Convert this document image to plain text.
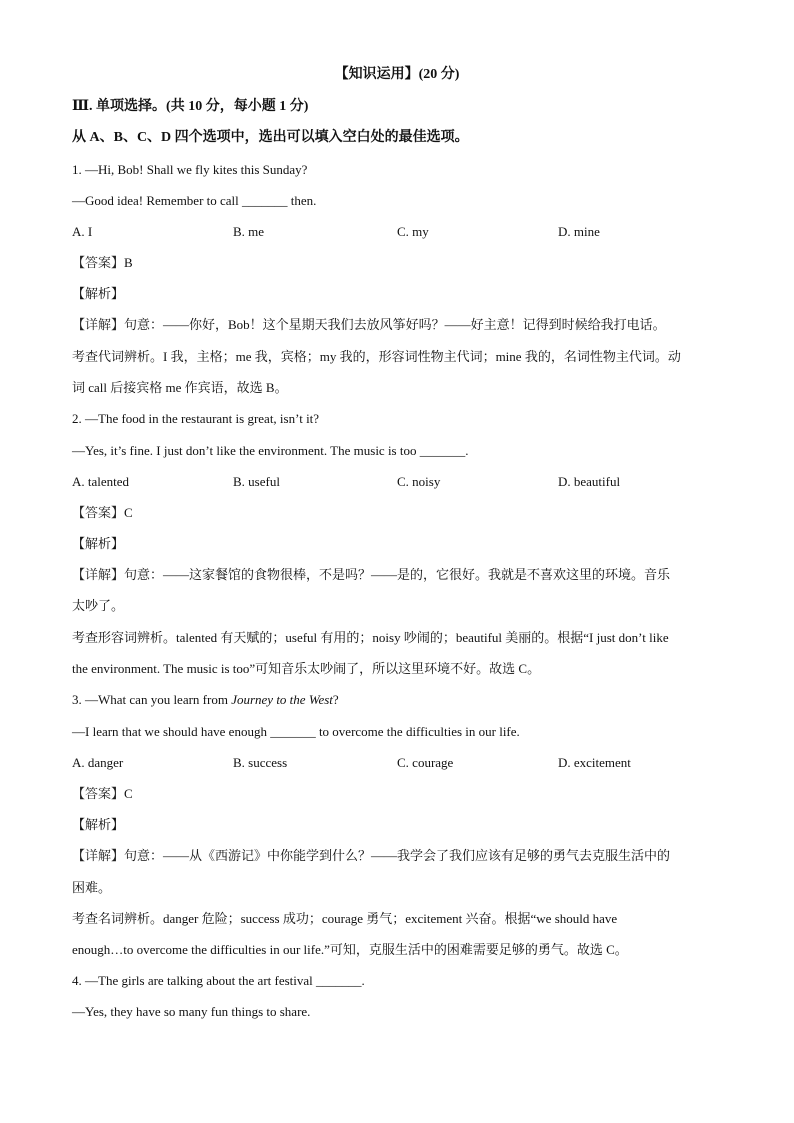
【知识运用】(20 分)
Ⅲ. 单项选择。(共 10 分，每小题 1 分)
从 A、B、C、D 四个选项中，选出可以填入空白处的最佳选项。
1. —Hi, Bob! Shall we fly kites this Sunday?
—Good idea! Remember to call _______ then.
A. I	B. me	C. my	D. mine
【答案】B
【解析】
【详解】句意：——你好，Bob！这个星期天我们去放风筝好吗？——好主意！记得到时候给我打电话。
考查代词辨析。I 我，主格；me 我，宾格；my 我的，形容词性物主代词；mine 我的，名词性物主代词。动
词 call 后接宾格 me 作宾语，故选 B。
2. —The food in the restaurant is great, isn’t it?
—Yes, it’s fine. I just don’t like the environment. The music is too _______.
A. talented	B. useful	C. noisy	D. beautiful
【答案】C
【解析】
【详解】句意：——这家餐馆的食物很棒，不是吗？——是的，它很好。我就是不喜欢这里的环境。音乐
太吵了。
考查形容词辨析。talented 有天赋的；useful 有用的；noisy 吵闹的；beautiful 美丽的。根据“I just don’t like
the environment. The music is too”可知音乐太吵闹了，所以这里环境不好。故选 C。
3. —What can you learn from Journey to the West?
—I learn that we should have enough _______ to overcome the difficulties in our life.
A. danger	B. success	C. courage	D. excitement
【答案】C
【解析】
【详解】句意：——从《西游记》中你能学到什么？——我学会了我们应该有足够的勇气去克服生活中的
困难。
考查名词辨析。danger 危险；success 成功；courage 勇气；excitement 兴奋。根据“we should have
enough…to overcome the difficulties in our life.”可知，克服生活中的困难需要足够的勇气。故选 C。
4. —The girls are talking about the art festival _______.
—Yes, they have so many fun things to share.
